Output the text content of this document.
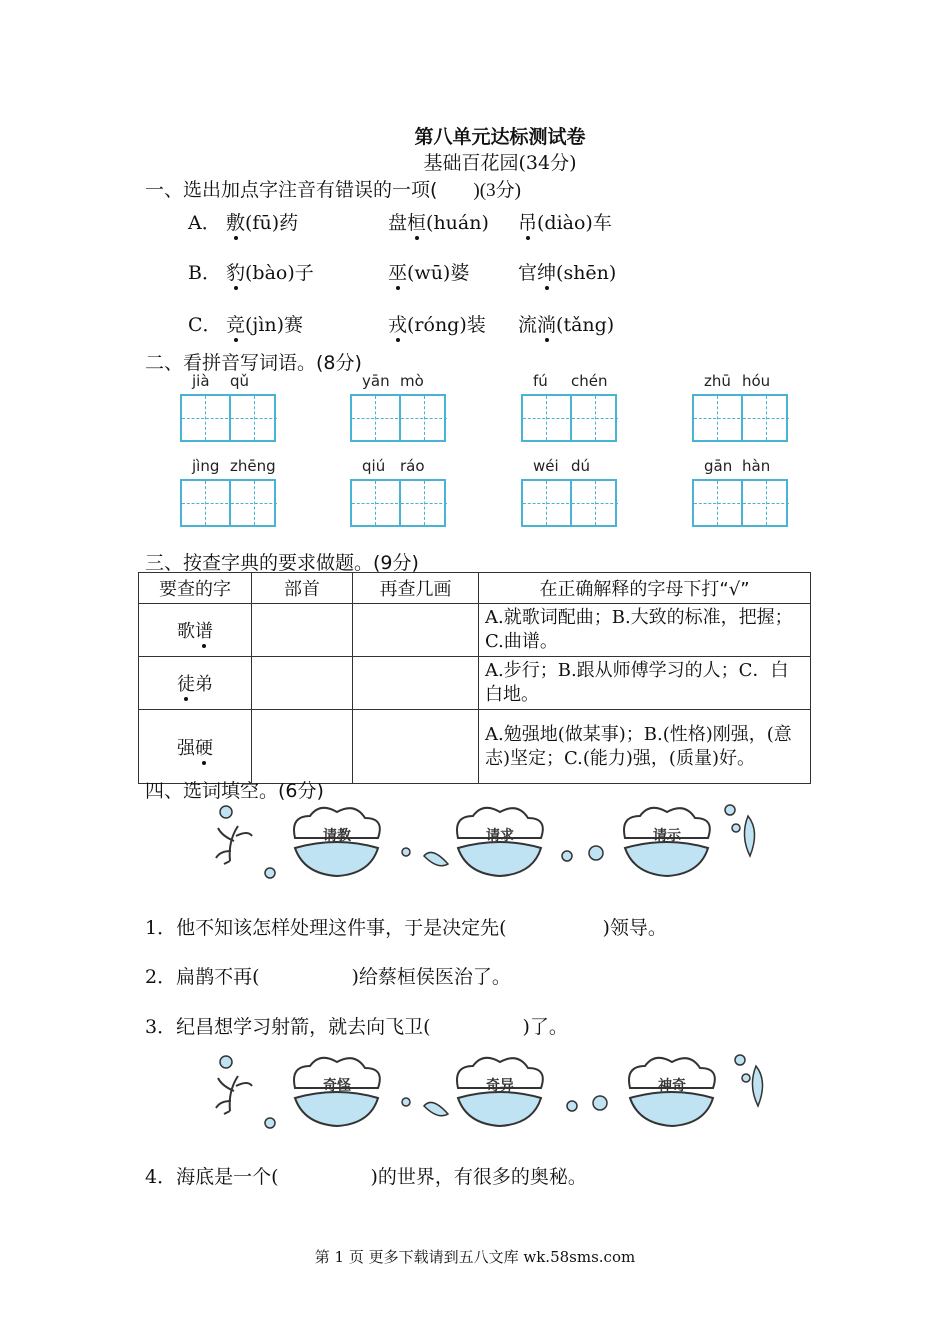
第八单元达标测试卷
基础百花园(34分)
一、选出加点字注音有错误的一项( )(3分)
A． 敷(fū)药	盘桓(huán) 吊(diào)车
B． 豹(bào)子	巫(wū)婆	官绅(shēn)
C． 竞(jìn)赛	戎(róng)装 流淌(tǎng)
二、看拼音写词语。(8分)
jià qǔ	yān mò	fú chén	zhū hóu
jìng zhēng	qiú ráo	wéi dú	gān hàn
三、按查字典的要求做题。(9分)
要查的字	部首	再查几画	在正确解释的字母下打“√”
歌谱			A.就歌词配曲；B.大致的标准，把握；C.曲谱。
徒弟			A.步行；B.跟从师傅学习的人；C．白白地。
强硬			A.勉强地(做某事)；B.(性格)刚强，(意志)坚定；C.(能力)强，(质量)好。
四、选词填空。(6分)
请教	请求	请示
1．他不知该怎样处理这件事，于是决定先(	)领导。
2．扁鹊不再(	)给蔡桓侯医治了。
3．纪昌想学习射箭，就去向飞卫(	)了。
奇怪	奇异	神奇
4．海底是一个(	)的世界，有很多的奥秘。
第 1 页 更多下载请到五八文库 wk.58sms.com
